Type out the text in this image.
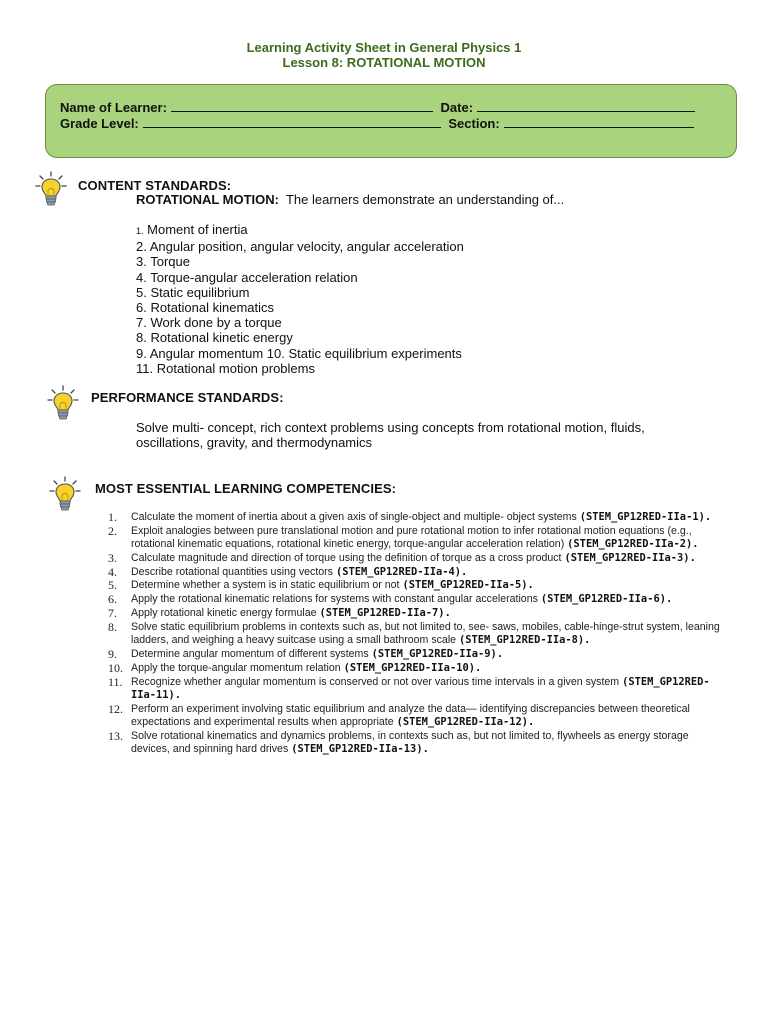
Learning Activity Sheet in General Physics 1
Lesson 8: ROTATIONAL MOTION
Name of Learner:	Date:
Grade Level:	Section:
CONTENT STANDARDS:
ROTATIONAL MOTION: The learners demonstrate an understanding of...
1. Moment of inertia
2. Angular position, angular velocity, angular acceleration
3. Torque
4. Torque-angular acceleration relation
5. Static equilibrium
6. Rotational kinematics
7. Work done by a torque
8. Rotational kinetic energy
9. Angular momentum 10. Static equilibrium experiments
11. Rotational motion problems
PERFORMANCE STANDARDS:
Solve multi- concept, rich context problems using concepts from rotational motion, fluids, oscillations, gravity, and thermodynamics
MOST ESSENTIAL LEARNING COMPETENCIES:
1. Calculate the moment of inertia about a given axis of single-object and multiple- object systems (STEM_GP12RED-IIa-1).
2. Exploit analogies between pure translational motion and pure rotational motion to infer rotational motion equations (e.g., rotational kinematic equations, rotational kinetic energy, torque-angular acceleration relation) (STEM_GP12RED-IIa-2).
3. Calculate magnitude and direction of torque using the definition of torque as a cross product (STEM_GP12RED-IIa-3).
4. Describe rotational quantities using vectors (STEM_GP12RED-IIa-4).
5. Determine whether a system is in static equilibrium or not (STEM_GP12RED-IIa-5).
6. Apply the rotational kinematic relations for systems with constant angular accelerations (STEM_GP12RED-IIa-6).
7. Apply rotational kinetic energy formulae (STEM_GP12RED-IIa-7).
8. Solve static equilibrium problems in contexts such as, but not limited to, see- saws, mobiles, cable-hinge-strut system, leaning ladders, and weighing a heavy suitcase using a small bathroom scale (STEM_GP12RED-IIa-8).
9. Determine angular momentum of different systems (STEM_GP12RED-IIa-9).
10. Apply the torque-angular momentum relation (STEM_GP12RED-IIa-10).
11. Recognize whether angular momentum is conserved or not over various time intervals in a given system (STEM_GP12RED-IIa-11).
12. Perform an experiment involving static equilibrium and analyze the data— identifying discrepancies between theoretical expectations and experimental results when appropriate (STEM_GP12RED-IIa-12).
13. Solve rotational kinematics and dynamics problems, in contexts such as, but not limited to, flywheels as energy storage devices, and spinning hard drives (STEM_GP12RED-IIa-13).
